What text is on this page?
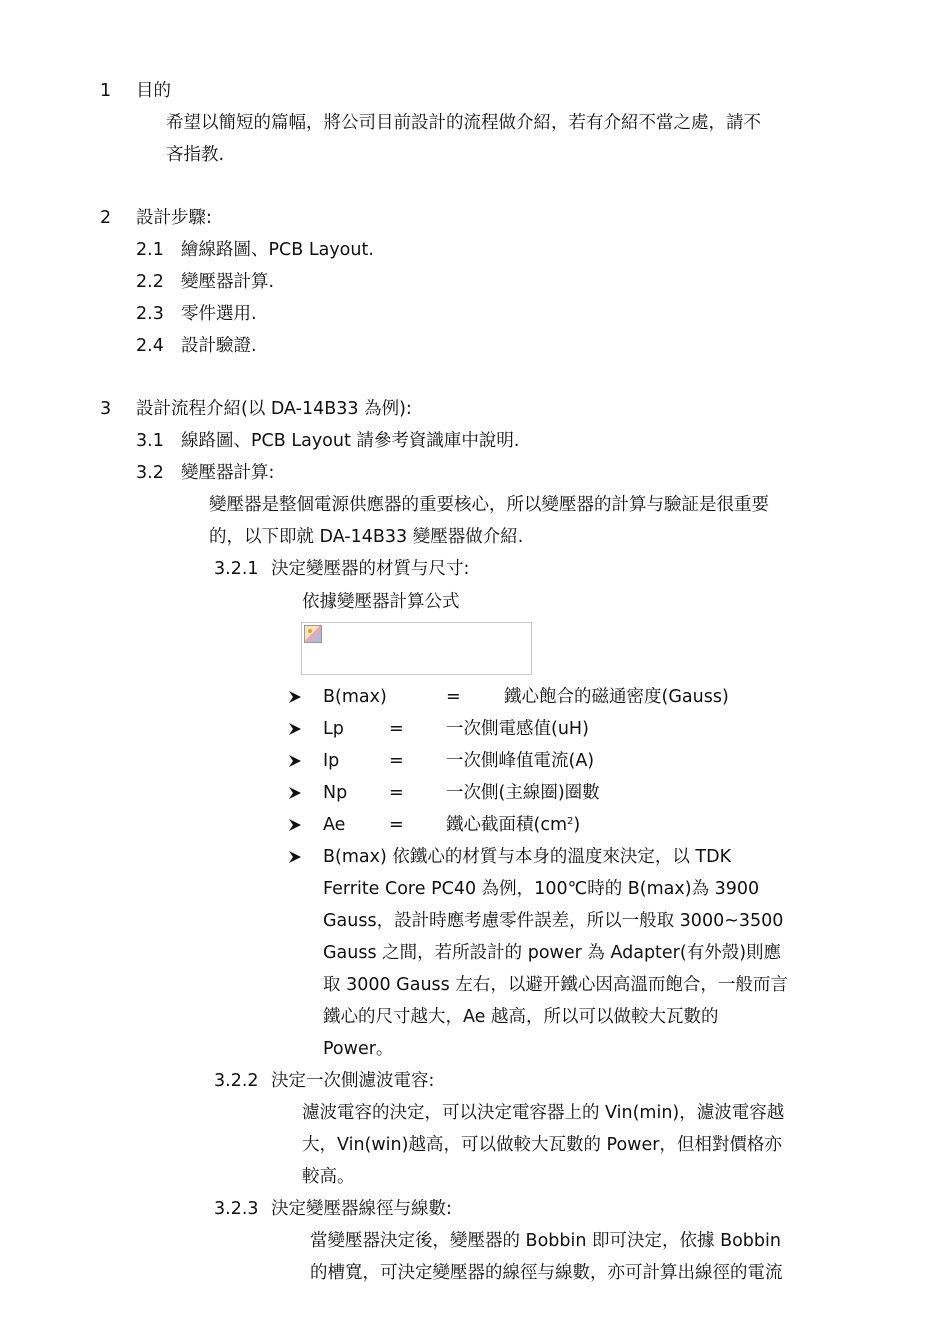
1 目的
希望以簡短的篇幅，將公司目前設計的流程做介紹，若有介紹不當之處，請不
吝指教.
2 設計步驟:
2.1 繪線路圖、PCB Layout.
2.2 變壓器計算.
2.3 零件選用.
2.4 設計驗證.
3 設計流程介紹(以 DA-14B33 為例):
3.1 線路圖、PCB Layout 請參考資識庫中說明.
3.2 變壓器計算:
變壓器是整個電源供應器的重要核心，所以變壓器的計算与驗証是很重要
的，以下即就 DA-14B33 變壓器做介紹.
3.2.1 決定變壓器的材質与尺寸:
依據變壓器計算公式
B(max)	= 鐵心飽合的磁通密度(Gauss)
Lp	= 一次側電感值(uH)
Ip	= 一次側峰值電流(A)
Np = 一次側(主線圈)圈數
Ae = 鐵心截面積$(cm^2)$
B(max) 依鐵心的材質与本身的溫度來決定，以 TDK
Ferrite Core PC40 為例，100℃時的 B(max)為 3900
Gauss，設計時應考慮零件誤差，所以一般取 3000~3500
Gauss 之間，若所設計的 power 為 Adapter(有外殼)則應
取 3000 Gauss 左右，以避开鐵心因高溫而飽合，一般而言
鐵心的尺寸越大，Ae 越高，所以可以做較大瓦數的
Power。
3.2.2 決定一次側濾波電容:
濾波電容的決定，可以決定電容器上的 Vin(min)，濾波電容越
大，Vin(win)越高，可以做較大瓦數的 Power，但相對價格亦
較高。
3.2.3 決定變壓器線徑与線數:
當變壓器決定後，變壓器的 Bobbin 即可決定，依據 Bobbin
的槽寬，可決定變壓器的線徑与線數，亦可計算出線徑的電流
